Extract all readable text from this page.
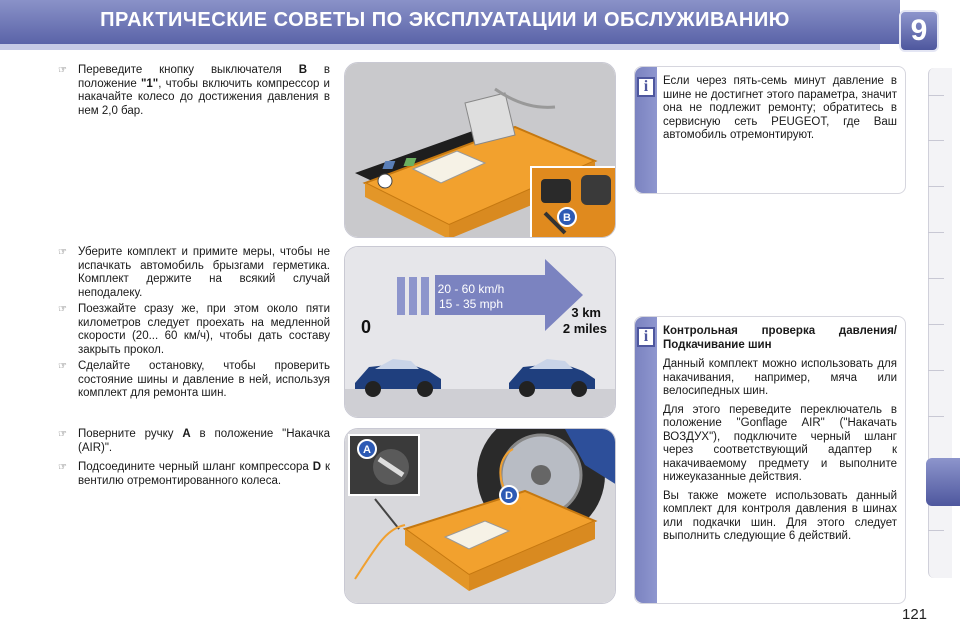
ПРАКТИЧЕСКИЕ СОВЕТЫ ПО ЭКСПЛУАТАЦИИ И ОБСЛУЖИВАНИЮ	9
☞ Переведите кнопку выключателя B в положение "1", чтобы включить компрессор и накачайте колесо до достижения давления в нем 2,0 бар.
☞ Уберите комплект и примите меры, чтобы не испачкать автомобиль брызгами герметика. Комплект держите на всякий случай неподалеку.
☞ Поезжайте сразу же, при этом около пяти километров следует проехать на медленной скорости (20... 60 км/ч), чтобы дать составу закрыть прокол.
☞ Сделайте остановку, чтобы проверить состояние шины и давление в ней, используя комплект для ремонта шин.
☞ Поверните ручку A в положение "Накачка (AIR)".
☞ Подсоедините черный шланг компрессора D к вентилю отремонтированного колеса.
B
20 - 60 km/h
15 - 35 mph
0
3 km
2 miles
A
D
i	Если через пять-семь минут давление в шине не достигнет этого параметра, значит она не подлежит ремонту; обратитесь в сервисную сеть PEUGEOT, где Ваш автомобиль отремонтируют.

i	Контрольная проверка давления/ Подкачивание шин

Данный комплект можно использовать для накачивания, например, мяча или велосипедных шин.

Для этого переведите переключатель в положение "Gonflage AIR" ("Накачать ВОЗДУХ"), подключите черный шланг через соответствующий адаптер к накачиваемому предмету и выполните нижеуказанные действия.

Вы также можете использовать данный комплект для контроля давления в шинах или подкачки шин. Для этого следует выполнить следующие 6 действий.

121
